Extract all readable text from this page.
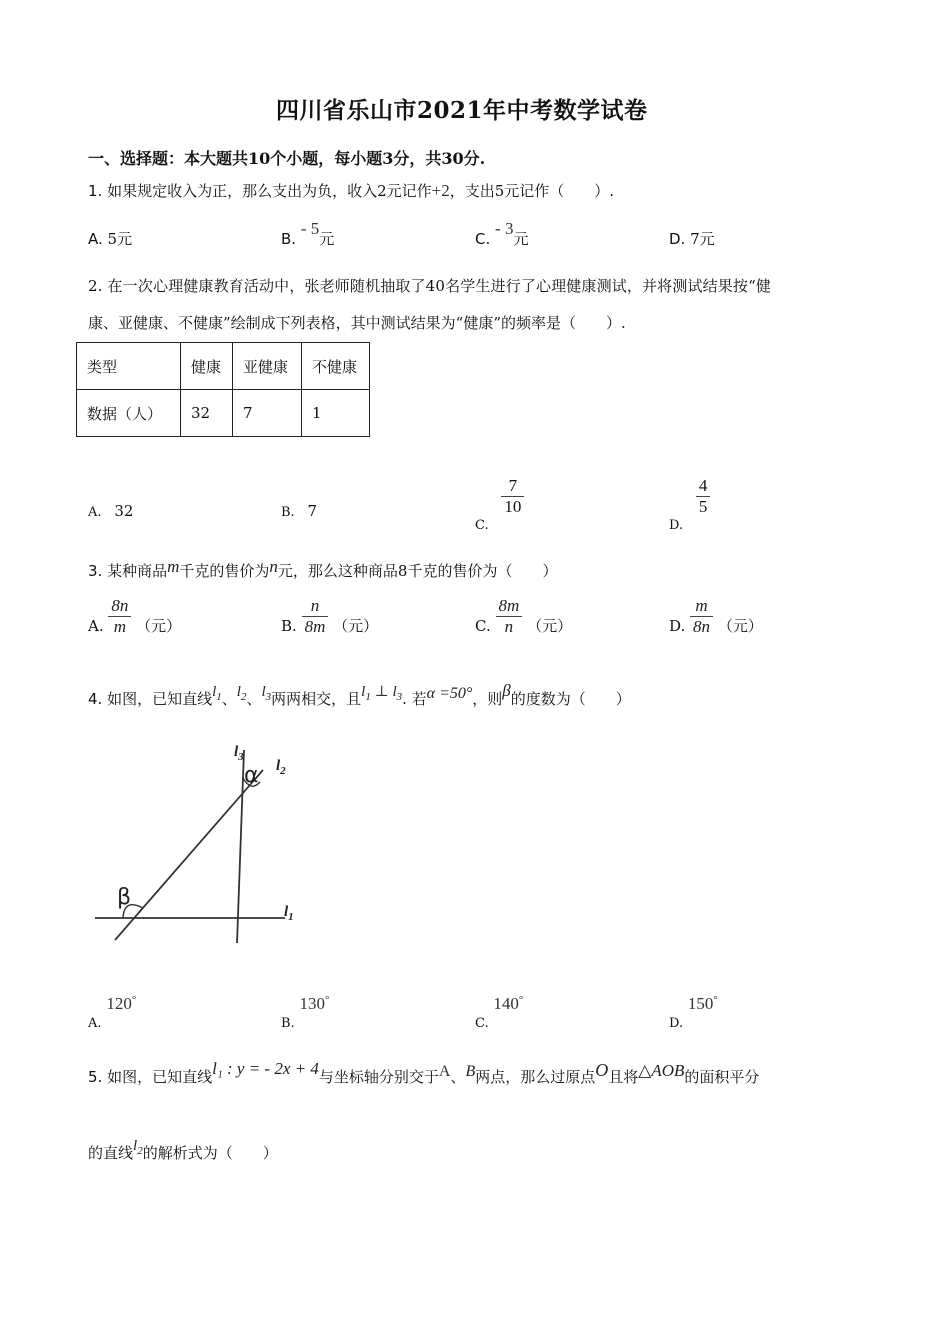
四川省乐山市2021年中考数学试卷
一、选择题：本大题共10个小题，每小题3分，共30分.
1. 如果规定收入为正，那么支出为负，收入2元记作+2，支出5元记作（　　）.
A. 5元	B. - 5元	C. - 3元	D. 7元
2. 在一次心理健康教育活动中，张老师随机抽取了40名学生进行了心理健康测试，并将测试结果按“健
康、亚健康、不健康”绘制成下列表格，其中测试结果为“健康”的频率是（　　）.
类型	健康	亚健康	不健康
数据（人）	32	7	1
A. 32	B. 7
C.
$\frac{7}{10}$
D.
$\frac{4}{5}$
3. 某种商品m千克的售价为n元，那么这种商品8千克的售价为（　　）
A. $\frac{8n}{m}$ （元）	B. $\frac{n}{8m}$ （元）	C. $\frac{8m}{n}$ （元）	D. $\frac{m}{8n}$ （元）
4. 如图，已知直线$l_1$、$l_2$、$l_3$两两相交，且$l_1$ ⊥ $l_3$. 若α =50°，则β的度数为（　　）
$l_3$
$l_2$
$l_1$
α
β
A. 120°
B. 130°
C. 140°
D. 150°
5. 如图，已知直线l₁ : y = - 2x + 4与坐标轴分别交于A、B两点，那么过原点O且将△AOB的面积平分
的直线$l_2$的解析式为（　　）
